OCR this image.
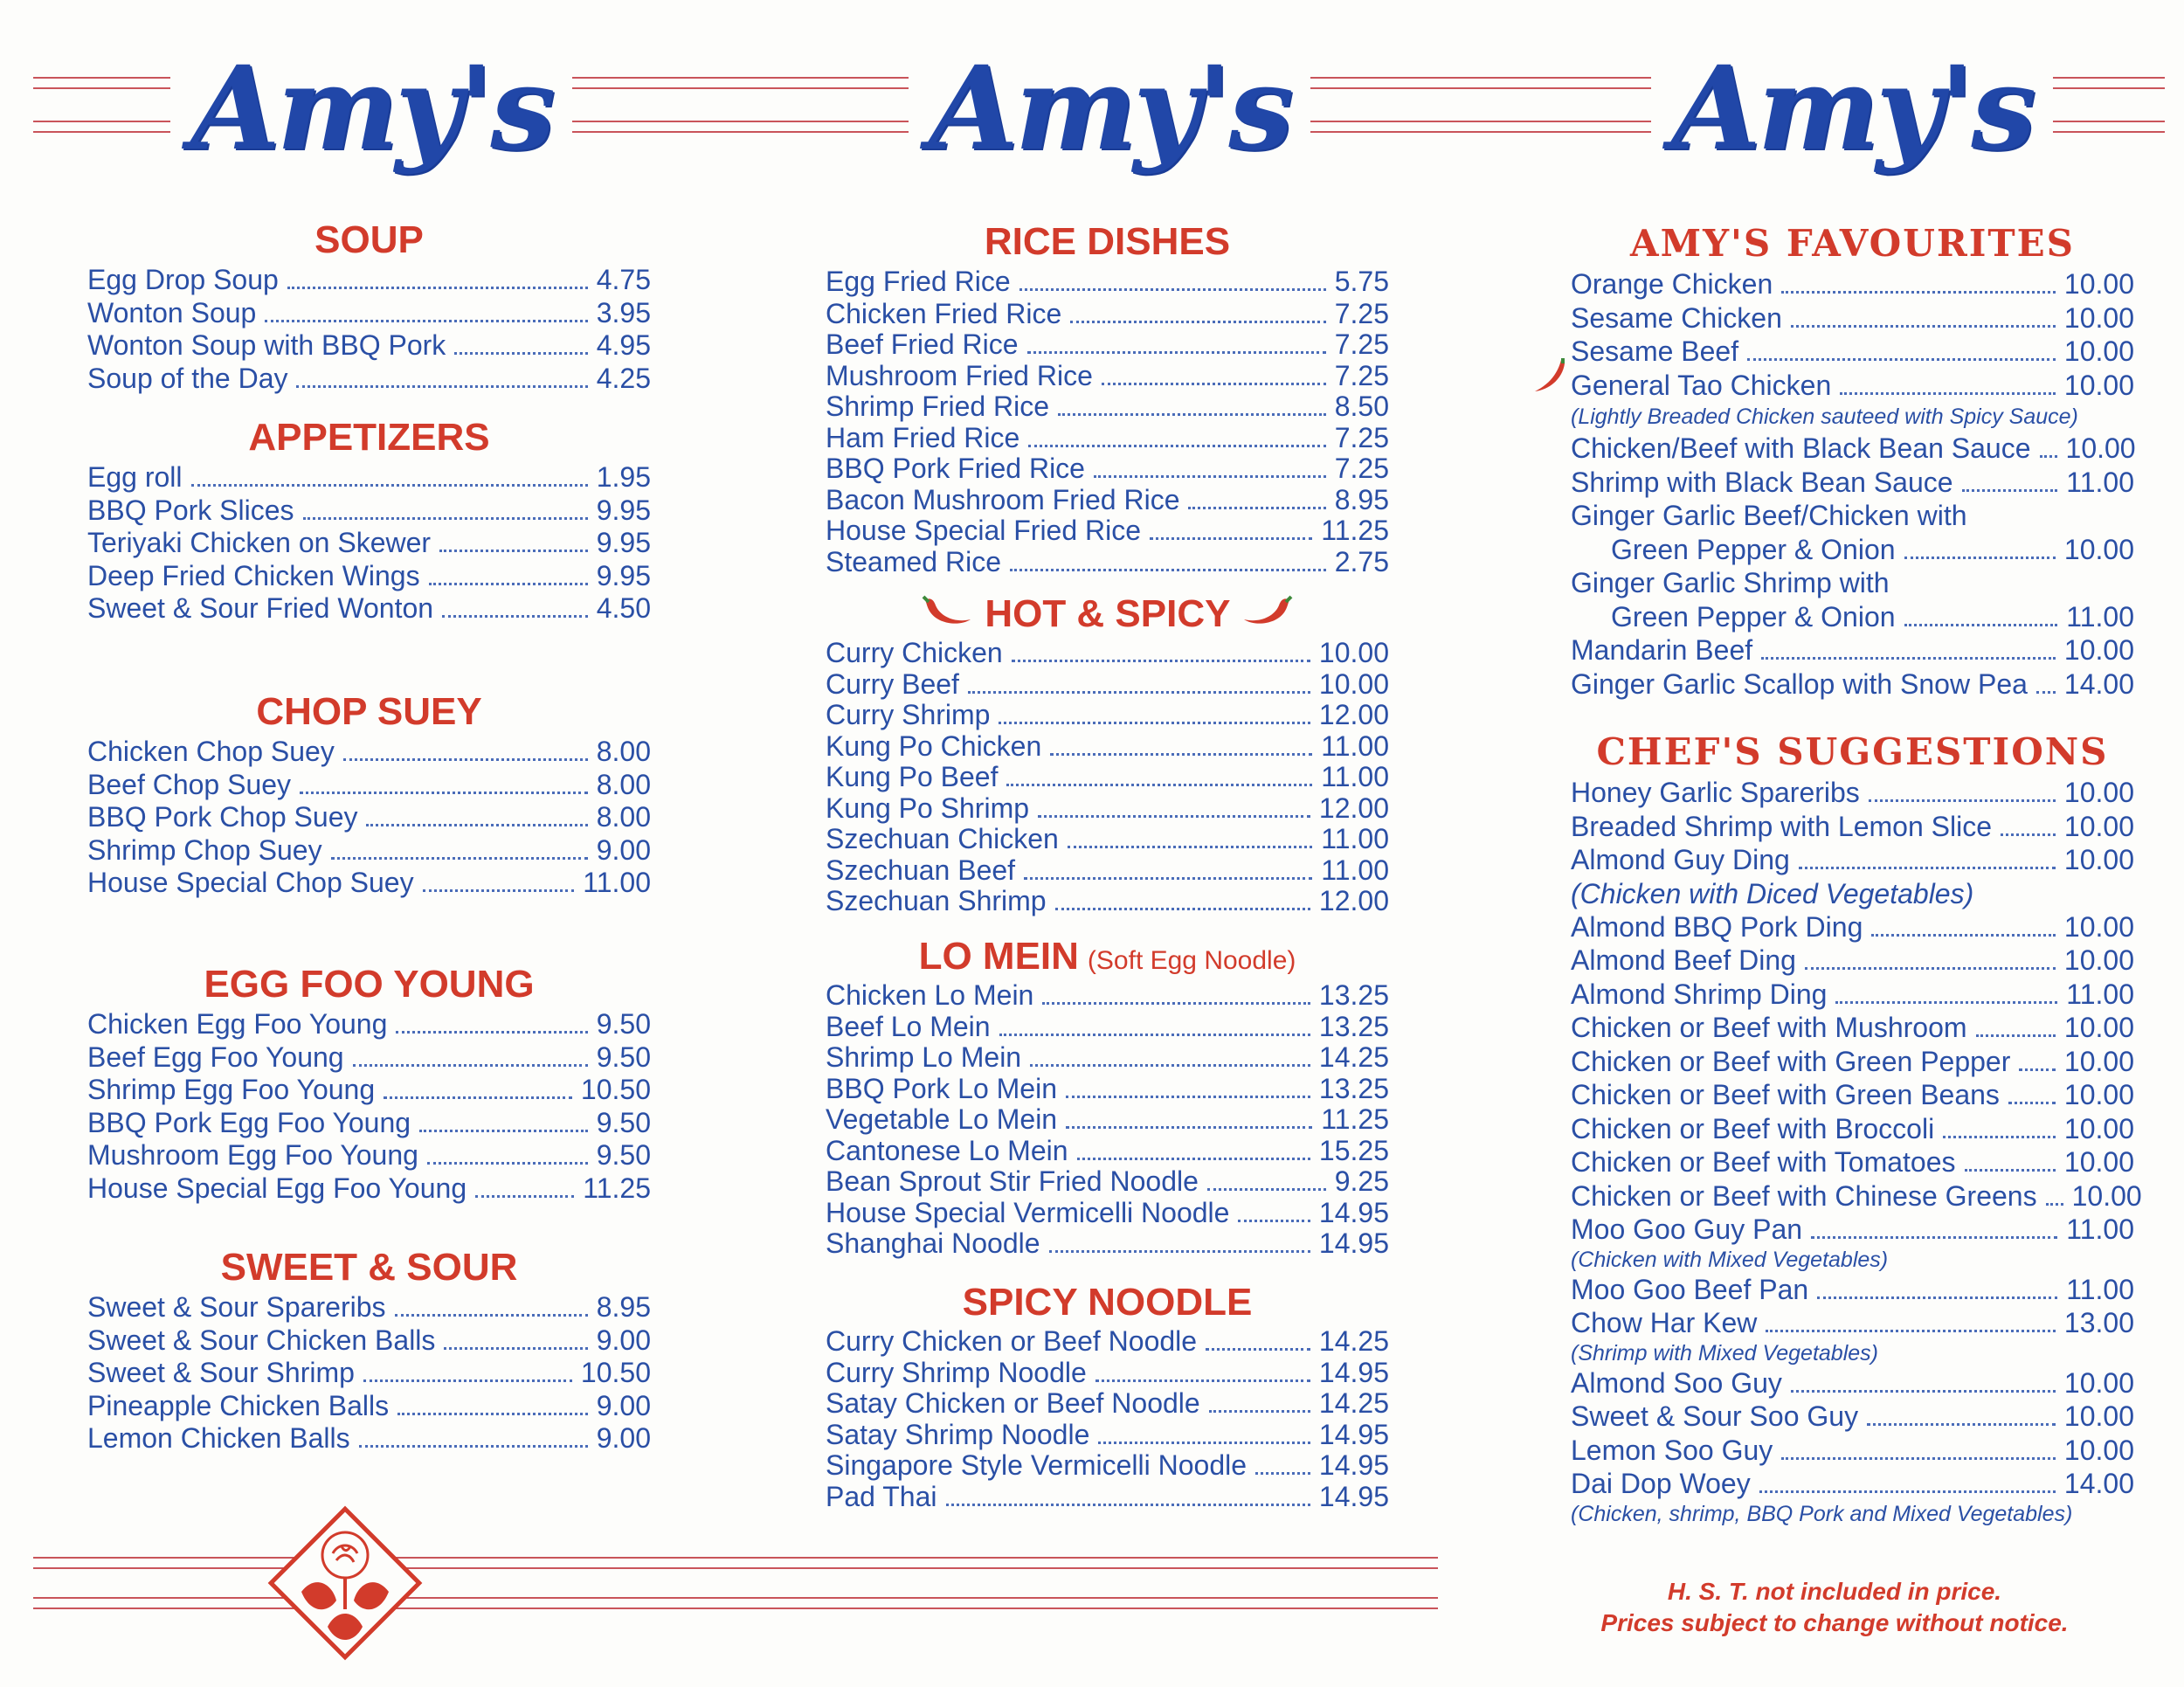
Amy's	Amy's	Amy's
SOUP
Egg Drop Soup	4.75
Wonton Soup	3.95
Wonton Soup with BBQ Pork	4.95
Soup of the Day	4.25
APPETIZERS
Egg roll	1.95
BBQ Pork Slices	9.95
Teriyaki Chicken on Skewer	9.95
Deep Fried Chicken Wings	9.95
Sweet & Sour Fried Wonton	4.50
CHOP SUEY
Chicken Chop Suey	8.00
Beef Chop Suey	8.00
BBQ Pork Chop Suey	8.00
Shrimp Chop Suey	9.00
House Special Chop Suey	11.00
EGG FOO YOUNG
Chicken Egg Foo Young	9.50
Beef Egg Foo Young	9.50
Shrimp Egg Foo Young	10.50
BBQ Pork Egg Foo Young	9.50
Mushroom Egg Foo Young	9.50
House Special Egg Foo Young	11.25
SWEET & SOUR
Sweet & Sour Spareribs	8.95
Sweet & Sour Chicken Balls	9.00
Sweet & Sour Shrimp	10.50
Pineapple Chicken Balls	9.00
Lemon Chicken Balls	9.00
RICE DISHES
Egg Fried Rice	5.75
Chicken Fried Rice	7.25
Beef Fried Rice	7.25
Mushroom Fried Rice	7.25
Shrimp Fried Rice	8.50
Ham Fried Rice	7.25
BBQ Pork Fried Rice	7.25
Bacon Mushroom Fried Rice	8.95
House Special Fried Rice	11.25
Steamed Rice	2.75
HOT & SPICY
Curry Chicken	10.00
Curry Beef	10.00
Curry Shrimp	12.00
Kung Po Chicken	11.00
Kung Po Beef	11.00
Kung Po Shrimp	12.00
Szechuan Chicken	11.00
Szechuan Beef	11.00
Szechuan Shrimp	12.00
LO MEIN (Soft Egg Noodle)
Chicken Lo Mein	13.25
Beef Lo Mein	13.25
Shrimp Lo Mein	14.25
BBQ Pork Lo Mein	13.25
Vegetable Lo Mein	11.25
Cantonese Lo Mein	15.25
Bean Sprout Stir Fried Noodle	9.25
House Special Vermicelli Noodle	14.95
Shanghai Noodle	14.95
SPICY NOODLE
Curry Chicken or Beef Noodle	14.25
Curry Shrimp Noodle	14.95
Satay Chicken or Beef Noodle	14.25
Satay Shrimp Noodle	14.95
Singapore Style Vermicelli Noodle	14.95
Pad Thai	14.95
AMY'S FAVOURITES
Orange Chicken	10.00
Sesame Chicken	10.00
Sesame Beef	10.00
General Tao Chicken	10.00
(Lightly Breaded Chicken sauteed with Spicy Sauce)
Chicken/Beef with Black Bean Sauce 10.00
Shrimp with Black Bean Sauce	11.00
Ginger Garlic Beef/Chicken with
Green Pepper & Onion	10.00
Ginger Garlic Shrimp with
Green Pepper & Onion	11.00
Mandarin Beef	10.00
Ginger Garlic Scallop with Snow Pea 14.00
CHEF'S SUGGESTIONS
Honey Garlic Spareribs	10.00
Breaded Shrimp with Lemon Slice	10.00
Almond Guy Ding	10.00
(Chicken with Diced Vegetables)
Almond BBQ Pork Ding	10.00
Almond Beef Ding	10.00
Almond Shrimp Ding	11.00
Chicken or Beef with Mushroom	10.00
Chicken or Beef with Green Pepper 10.00
Chicken or Beef with Green Beans 10.00
Chicken or Beef with Broccoli	10.00
Chicken or Beef with Tomatoes	10.00
Chicken or Beef with Chinese Greens 10.00
Moo Goo Guy Pan	11.00
(Chicken with Mixed Vegetables)
Moo Goo Beef Pan	11.00
Chow Har Kew	13.00
(Shrimp with Mixed Vegetables)
Almond Soo Guy	10.00
Sweet & Sour Soo Guy	10.00
Lemon Soo Guy	10.00
Dai Dop Woey	14.00
(Chicken, shrimp, BBQ Pork and Mixed Vegetables)
H. S. T. not included in price.
Prices subject to change without notice.
